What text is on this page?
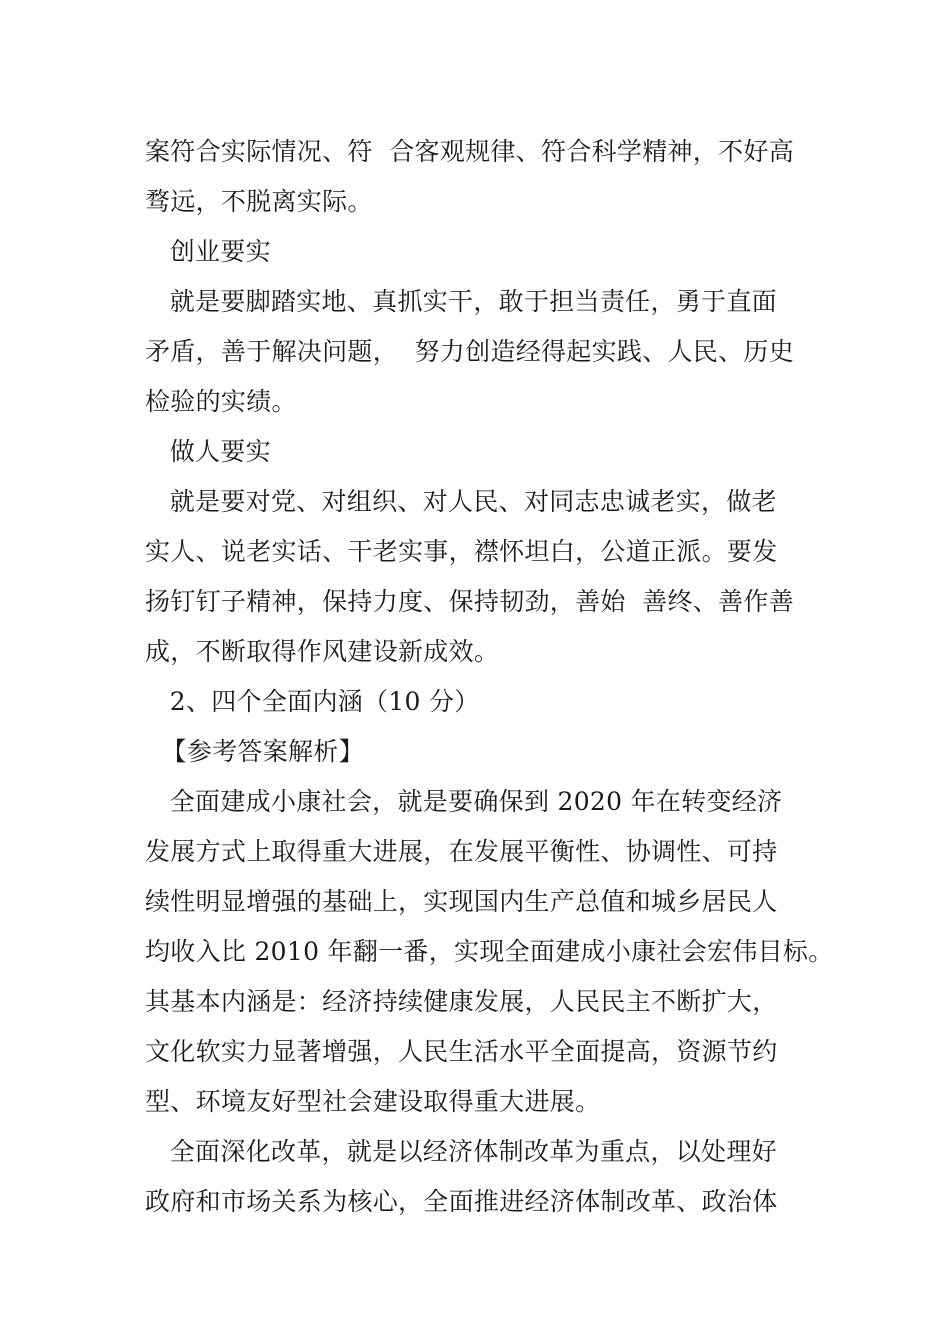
案符合实际情况、符  合客观规律、符合科学精神，不好高
骛远，不脱离实际。
创业要实
就是要脚踏实地、真抓实干，敢于担当责任，勇于直面
矛盾，善于解决问题，  努力创造经得起实践、人民、历史
检验的实绩。
做人要实
就是要对党、对组织、对人民、对同志忠诚老实，做老
实人、说老实话、干老实事，襟怀坦白，公道正派。要发
扬钉钉子精神，保持力度、保持韧劲，善始  善终、善作善
成，不断取得作风建设新成效。
2、四个全面内涵（10 分）
【参考答案解析】
全面建成小康社会，就是要确保到 2020 年在转变经济
发展方式上取得重大进展，在发展平衡性、协调性、可持
续性明显增强的基础上，实现国内生产总值和城乡居民人
均收入比 2010 年翻一番，实现全面建成小康社会宏伟目标。
其基本内涵是：经济持续健康发展，人民民主不断扩大，
文化软实力显著增强，人民生活水平全面提高，资源节约
型、环境友好型社会建设取得重大进展。
全面深化改革，就是以经济体制改革为重点，以处理好
政府和市场关系为核心，全面推进经济体制改革、政治体
